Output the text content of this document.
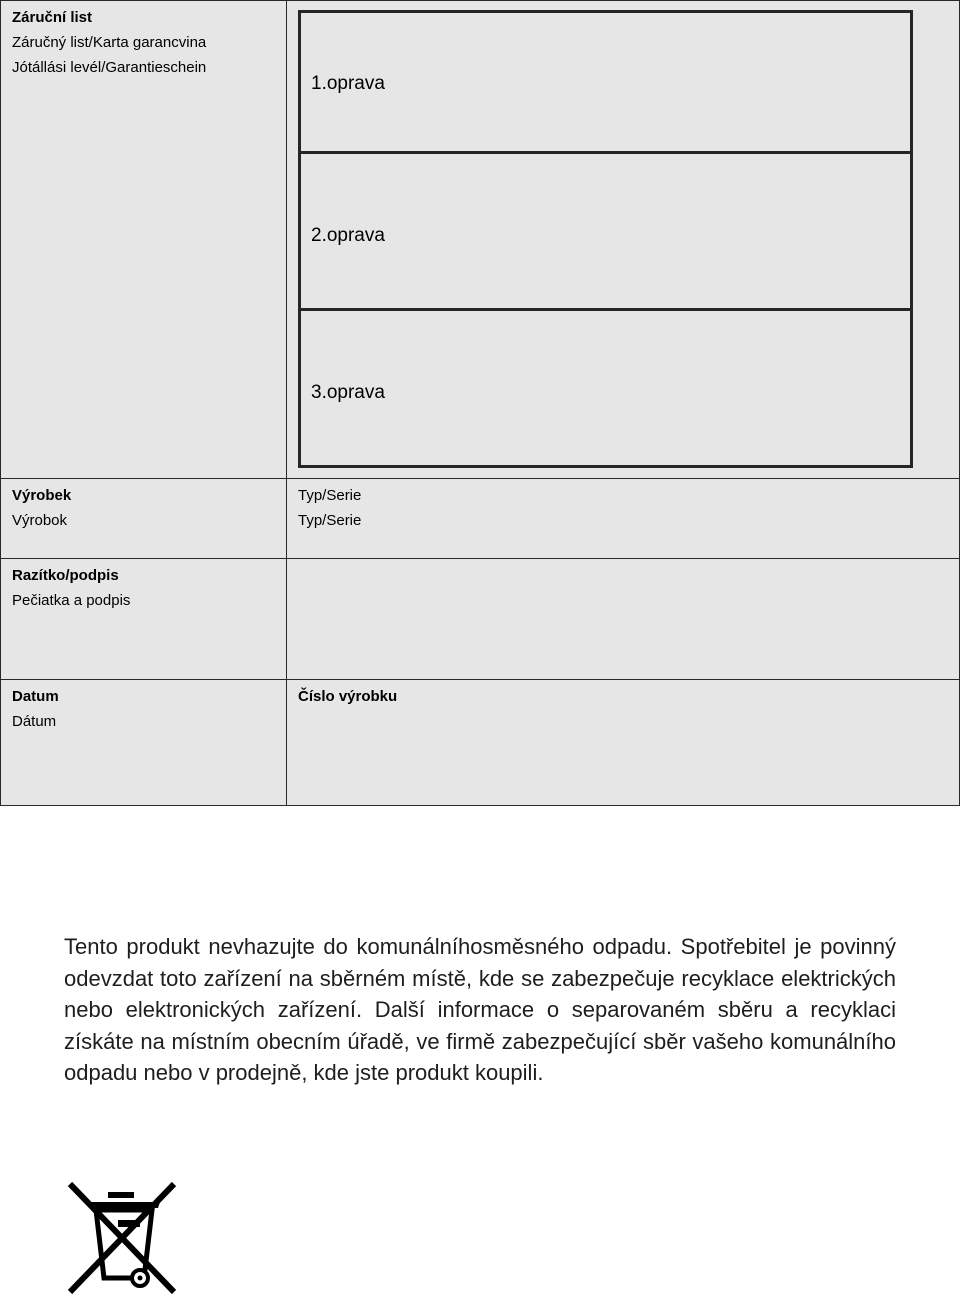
Záruční list
Záručný list/Karta garancvina
Jótállási levél/Garantieschein
1.oprava
2.oprava
3.oprava
Výrobek
Výrobok
Typ/Serie
Typ/Serie
Razítko/podpis
Pečiatka a podpis
Datum
Dátum
Číslo výrobku
Tento produkt nevhazujte do komunálníhosměsného odpadu. Spotřebitel je povinný odevzdat toto zařízení na sběrném místě, kde se zabezpečuje recyklace elektrických nebo elektronických zařízení. Další informace o separovaném sběru a recyklaci získáte na místním obecním úřadě, ve firmě zabezpečující sběr vašeho komunálního odpadu nebo v prodejně, kde jste produkt koupili.
